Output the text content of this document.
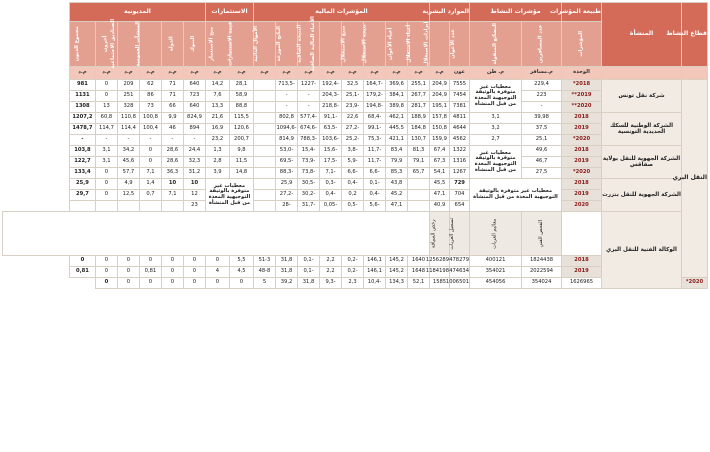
قطاع النشاط	المنشأة	طبيعة المؤشرات	مؤشرات النشاط		الموارد البشرية		المؤشرات المالية								الاستثمارات		المديونية					
		المؤشرات	عدد المسافرين	البضائع المنقولة	عدد الأعوان	إيرادات الاستغلال	أعباء الاستغلال	أعباء الأعوان	نتيجة الاستغلال	مبيع الاستغلال	الأعباء المالية الصافية	النتيجة الصافية	الناتج الموزعة	الأموال الذاتية	قيمة الاستثمارات	منح الاستثمار	البنوك	الدولة	المنشآت العمومية	الصناديق الاجتماعية	أخرون	مجموع الديون
		الوحدة	م.مسافر	م. طن	عون	م.د	م.د	م.د	م.د	م.د	م.د	م.د	م.د	م.د	م.د	م.د	م.د	م.د	م.د	م.د	م.د	م.د
النقل البري	شركة نقل تونس	2018*	229,4	معطيات غير متوفرة بالوثيقة التوجيهية المعدة من قبل المنشأة	7555	204,9	255,1	369,6	-164,7	32,5	-192,4	-1227	-713,5		28,1	14,2	640	71	62	209	0	981
		2019**	223		7454	204,9	267,7	384,1	-179,2	-25,1	-204,3	-	-		58,9	7,6	723	71	86	251	0	1131
		2020**	-		7381	195,1	281,7	389,8	-194,8	-23,9	-218,8	-	-		88,8	13,3	640	66	73	328	13	1308
	الشركة الوطنية للسكك الحديدية التونسية	2018	39,98	3,1	4811	157,8	188,9	462,1	-68,4	22,6	-91,1	-577,4	802,8		115,5	21,6	824,9	9,9	100,8	110,8	60,8	1207,2
		2019	37,5	3,2	4644	150,8	184,8	445,5	-99,1	-27,2	-63,5	-674,6	-1094,6		120,6	16,9	894	46	100,4	114,4	114,7	1478,7
		2020*	25,1	2,7	4562	159,9	130,7	421,1	-75,3	-25,2	-103,6	-788,3	814,9		200,7	23,2	-	-	-	-	-	-
	الشركة الجهوية للنقل بولاية صفاقس	2018	49,6	معطيات غير متوفرة بالوثيقة التوجيهية المعدة من قبل المنشأة	1322	67,4	81,3	83,4	-11,7	-3,8	-15,6	-15,4	-53,0		9,8	1,3	24,4	28,6	0	34,2	3,1	103,8
		2019	46,7		1316	67,3	79,1	79,9	-11,7	-5,9	-17,5	-73,9	-69,5		11,5	2,8	32,3	28,6	0	45,6	3,1	122,7
		2020*	27,5		1267	54,1	65,7	85,3	-6,6	-6,6	-7,1	-73,8	-88,3		14,8	3,9	31,2	36,3	7,1	57,7	0	133,4
	الشركة الجهوية للنقل بنزرت	2018	معطيات غير متوفرة بالوثيقة التوجيهية المعدة من قبل المنشأة		729	45,5		43,8	-0,1	-0,4	-0,3	-30,5	25,9		معطيات غير متوفرة بالوثيقة التوجيهية المعدة من قبل المنشأة		10	10	1,4	4,9	0	25,9
		2019			704	47,1		45,2	-0,4	0,2	-0,4	-30,2	-27,2				12	7,1	0,7	12,5	0	29,7
		2020			654	40,9		47,1	-5,6	-0,5	-0,05	-31,7	-28				23					
	الوكالة الفنية للنقل البري		الفحص الفني	معاليم العربات	تسجيل العربات	رخص السياقة																
		2018	1824438	400121	478279	1256289	1640	145,2	146,1	-0,2	2,2	-0,1	31,8	51-3	5,5	0	0	0	0	0	0	0
		2019	2022594	354021	474634	1184198	1648	145,2	146,1	-0,2	2,2	-0,1	31,8	48-8	4,5	4	0	0	0,81	0	0	0,81
2020*		1626965	354024	454056	1006501	1585	52,1	134,3	-10,4	2,3	-9,3	31,8	39,2	5	0	0	0	0	0	0	0	
